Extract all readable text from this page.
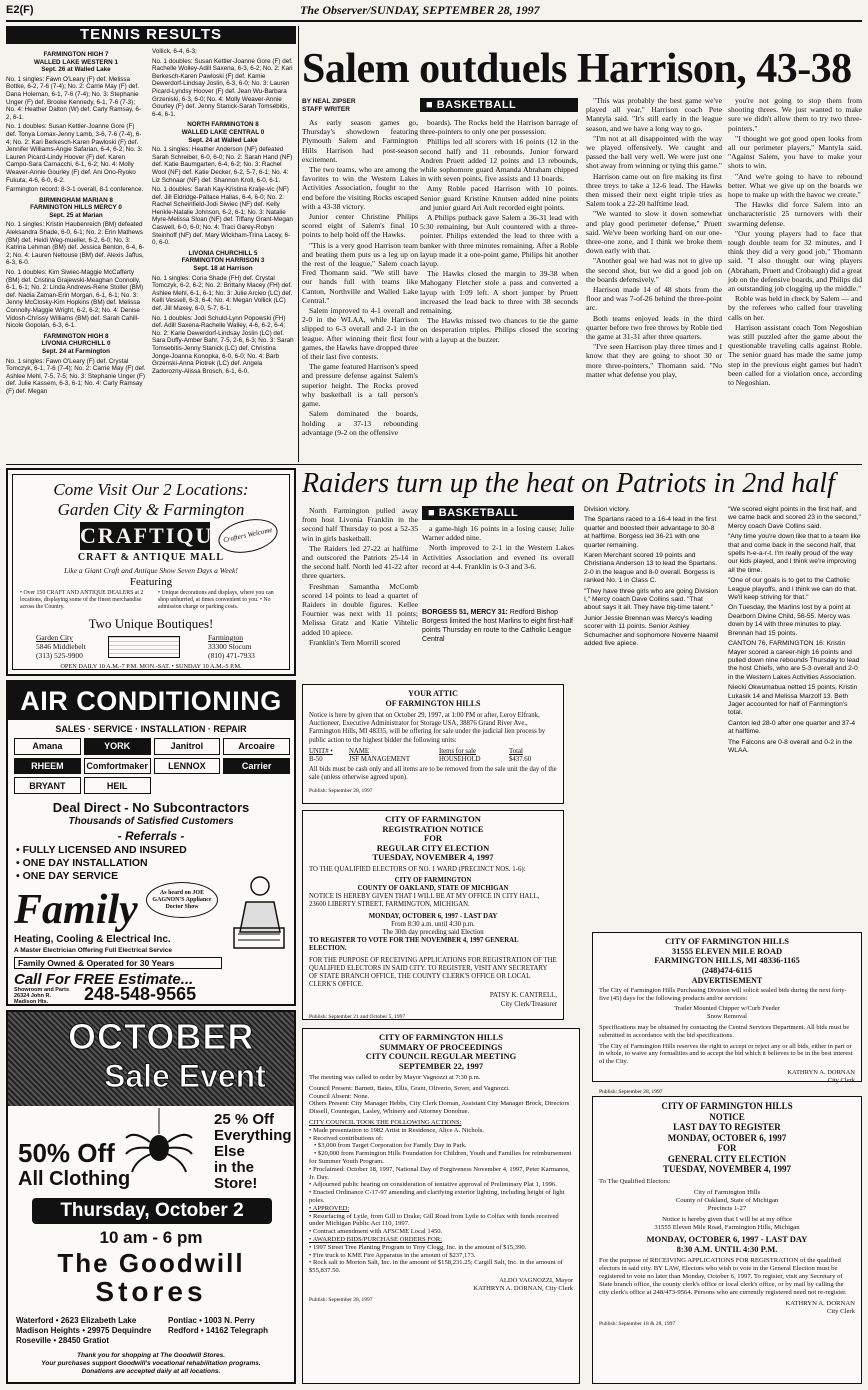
E2(F)	The Observer/SUNDAY, SEPTEMBER 28, 1997
TENNIS RESULTS

FARMINGTON HIGH 7
WALLED LAKE WESTERN 1
Sept. 26 at Walled Lake

No. 1 singles: Fawn O'Leary (F) def. Melissa Bottke, 6-2, 7-6 (7-4); No. 2: Carrie May (F) def. Dana Holeman, 6-1, 7-6 (7-4); No. 3: Stephanie Unger (F) def. Brooke Kennedy, 6-1, 7-6 (7-3); No. 4: Heather Dalton (W) def. Carly Ramsay, 6-2, 6-1.

No. 1 doubles: Susan Kettler-Joanne Gore (F) def. Tonya Lomax-Jenny Lamb, 3-6, 7-6 (7-4), 6-4; No. 2: Kari Berkesch-Karen Pawloski (F) def. Jennifer Williams-Angie Safarian, 6-4, 6-2; No. 3: Lauren Picard-Lindy Hoover (F) def. Karen Campo-Sara Carnacchi, 6-1, 6-2; No. 4: Molly Weaver-Annie Gourley (F) def. Ani Ono-Ryoko Fukuta, 4-6, 6-0, 6-2.

Farmington record: 8-3-1 overall, 8-1 conference.

BIRMINGHAM MARIAN 8
FARMINGTON HILLS MERCY 0
Sept. 25 at Marian

No. 1 singles: Kristin Haubenreich (BM) defeated Aleksandra Shade, 6-0, 6-1; No. 2: Erin Mathews (BM) def. Heidi Weg-mueller, 6-2, 6-0; No. 3: Katrina Lehman (BM) def. Jessica Benton, 6-4, 6-2; No. 4: Lauren Neltouse (BM) def. Alexis Jaffus, 6-3, 6-0.

No. 1 doubles: Kim Siwiec-Maggie McCafferty (BM) def. Cristina Grajewski-Meaghan Connolly, 6-1, 6-1; No. 2: Linda Andrews-Rene Stoller (BM) def. Nadia Zaman-Erin Morgan, 6-1, 6-1; No. 3: Jenny McClosky-Kim Hopkins (BM) def. Melissa Connolly-Maggie Wright, 6-2, 6-2; No. 4: Denise Vidosh-Chrissy Williams (BM) def. Sarah Cahill-Nicole Gopolan, 6-3, 6-1.

FARMINGTON HIGH 8
LIVONIA CHURCHILL 0
Sept. 24 at Farmington

No. 1 singles: Fawn O'Leary (F) def. Crystal Tomczyk, 6-1, 7-6 (7-4); No. 2: Carrie May (F) def. Ashlee Mehl, 7-5, 7-5; No. 3: Stephanie Unger (F) def. Julie Kassem, 6-3, 6-1; No. 4: Carly Ramsay (F) def. Megan

Vollick, 6-4, 6-3;

No. 1 doubles: Susan Kettler-Joanne Gore (F) def. Rachelle Wolley-Adill Saxena, 6-3, 6-2; No. 2: Kari Berkesch-Karen Pawloski (F) def. Kamie Dewerdorf-Lindsay Joslin, 6-3, 6-0; No. 3: Lauren Picard-Lyndsy Hoover (F) def. Jean Wu-Barbara Grzeniski, 6-3, 6-0; No. 4: Molly Weaver-Annie Gourley (F) def. Jenny Stanick-Sarah Tomsebitis, 6-4, 6-1.

NORTH FARMINGTON 8
WALLED LAKE CENTRAL 0
Sept. 24 at Walled Lake

No. 1 singles: Heather Anderson (NF) defeated Sarah Schreiber, 6-0, 6-0; No. 2: Sarah Hand (NF) def. Katie Baumgarten, 6-4, 6-2; No. 3: Rachel Wool (NF) def. Katie Decker, 6-2, 5-7, 6-1; No. 4: Liz Schnaar (NF) def. Shannon Kroll, 6-0, 6-1.

No. 1 doubles: Sarah Kay-Kristina Kralje-vic (NF) def. Jill Eldridge-Pallace Hallas, 6-4, 6-0; No. 2: Rachel Scheinfield-Jodi Siwiec (NF) def. Kelly Henkle-Natalie Johnson, 6-2, 6-1; No. 3: Natalie Myre-Melissa Sloan (NF) def. Tiffany Grant-Megan Caswell, 6-0, 6-0; No. 4: Traci Garey-Robyn Steinhoff (NF) def. Mary Wickham-Trina Lacey, 6-0, 6-0.

LIVONIA CHURCHILL 5
FARMINGTON HARRISON 3
Sept. 18 at Harrison

No. 1 singles: Coria Shade (FH) def. Crystal Tomczyk, 6-2, 6-2; No. 2: Brittany Macey (FH) def. Ashlee Mehl, 6-1, 6-1; No. 3: Julie Arcieo (LC) def. Kelli Vessell, 6-3, 6-4; No. 4: Megan Vollick (LC) def. Jill Maxey, 6-0, 5-7, 6-1.

No. 1 doubles: Jodi Schuld-Lynn Popowski (FH) def. Adill Saxena-Rachelle Walley, 4-6, 6-2, 6-4; No. 2: Karie Dewerdorf-Lindsay Joslin (LC) def. Sara Duffy-Amber Bahr, 7-5, 2-6, 6-3; No. 3: Sarah Tomsebitis-Jenny Stanick (LC) def. Christina Jonge-Joanna Konopka, 6-0, 6-0; No. 4: Barb Grzenski-Anna Piotrek (LC) def. Angela Zadorozny-Alissa Brosch, 6-1, 6-0.

Salem outduels Harrison, 43-38
BY NEAL ZIPSER
STAFF WRITER	■ BASKETBALL

As early season games go, Thursday's showdown featuring Plymouth Salem and Farmington Hills Harrison had post-season excitement.

The two teams, who are among the favorites to win the Western Lakes Activities Association, fought to the end before the visiting Rocks escaped with a 43-38 victory.

Junior center Christine Philips scored eight of Salem's final 10 points to help hold off the Hawks.

"This is a very good Harrison team and beating them puts us a leg up on the rest of the league," Salem coach Fred Thomann said. "We still have our hands full with teams like Canton, Northville and Walled Lake Central."

Salem improved to 4-1 overall and 2-0 in the WLAA, while Harrison slipped to 6-3 overall and 2-1 in the league. After winning their first four games, the Hawks have dropped three of their last five contests.

The game featured Harrison's speed and pressure defense against Salem's superior height. The Rocks proved why basketball is a tall person's game.

Salem dominated the boards, holding a 37-13 rebounding advantage (9-2 on the offensive

boards). The Rocks held the Harrison barrage of three-pointers to only one per possession.

Phillips led all scorers with 16 points (12 in the second half) and 11 rebounds. Junior forward Andren Pruett added 12 points and 13 rebounds, while sophomore guard Amanda Abraham chipped in with seven points, five assists and 11 boards.

Amy Roble paced Harrison with 10 points. Senior guard Kristine Knutsen added nine points and junior guard Ari Ault recorded eight points.

A Philips putback gave Salem a 36-31 lead with 5:30 remaining, but Ault countered with a three-pointer. Philips extended the lead to three with a banker with three minutes remaining. After a Roble layup made it a one-point game, Philips hit another layup.

The Hawks closed the margin to 39-38 when Mahogany Fletcher stole a pass and converted a layup with 1:09 left. A short jumper by Pruett increased the lead back to three with 38 seconds remaining.

The Hawks missed two chances to tie the game on desperation triples. Philips closed the scoring with a layup at the buzzer.

"This was probably the best game we've played all year," Harrison coach Pete Mantyla said. "It's still early in the league season, and we have a long way to go.

"I'm not at all disappointed with the way we played offensively. We caught and passed the ball very well. We were just one shot away from winning or tying this game."

Harrison came out on fire making its first three treys to take a 12-6 lead. The Hawks then missed their next eight triple tries as Salem took a 22-20 halftime lead.

"We wanted to slow it down somewhat and play good perimeter defense," Pruett said. We've been working hard on our one-three-one zone, and I think we broke them down early with that.

"Another goal we had was not to give up the second shot, but we did a good job on the boards defensively."

Harrison made 14 of 48 shots from the floor and was 7-of-26 behind the three-point arc.

Both teams enjoyed leads in the third quarter before two free throws by Roble tied the game at 31-31 after three quarters.

"I've seen Harrison play three times and I know that they are going to shoot 30 or more three-pointers," Thomann said. "No matter what defense you play,

you're not going to stop them from shooting threes. We just wanted to make sure we didn't allow them to try two three-pointers."

"I thought we got good open looks from all our perimeter players," Mantyla said. "Against Salem, you have to make your shots to win.

"And we're going to have to rebound better. What we give up on the boards we hope to make up with the havoc we create."

The Hawks did force Salem into an uncharacteristic 25 turnovers with their swarming defense.

"Our young players had to face that tough double team for 32 minutes, and I think they did a very good job," Thomann said. "I also thought our wing players (Abraham, Pruett and Crobaugh) did a great job on the defensive boards, and Philips did an outstanding job clogging up the middle."

Roble was held in check by Salem — and by the referees who called four traveling calls on her.

Harrison assistant coach Tom Negoshian was still puzzled after the game about the questionable traveling calls against Roble. The senior guard has made the same jump step in the previous eight games but hadn't been called for a violation once, according to Negoshian.

Raiders turn up the heat on Patriots in 2nd half

North Farmington pulled away from host Livonia Franklin in the second half Thursday to post a 52-35 win in girls basketball.

The Raiders led 27-22 at halftime and outscored the Patriots 25-14 in the second half. North led 41-22 after three quarters.

Freshman Samantha McComb scored 14 points to lead a quartet of Raiders in double figures. Kellee Fournier was next with 11 points; Melissa Gratz and Katie Vihtelic added 10 apiece.

Franklin's Tern Morrill scored

■ BASKETBALL

a game-high 16 points in a losing cause; Julie Warner added nine.

North improved to 2-1 in the Western Lakes Activities Association and evened its overall record at 4-4. Franklin is 0-3 and 3-6.

BORGESS 51, MERCY 31: Redford Bishop Borgess limited the host Marlins to eight first-half points Thursday en route to the Catholic League Central

Division victory.

The Spartans raced to a 16-4 lead in the first quarter and boosted their advantage to 30-8 at halftime. Borgess led 36-21 with one quarter remaining.

Karen Merchant scored 19 points and Christiana Anderson 13 to lead the Spartans. 2-0 in the league and 8-0 overall. Borgess is ranked No. 1 in Class C.

"They have three girls who are going Division I," Mercy coach Dave Collins said. "That about says it all. They have big-time talent."

Junior Jessie Brennan was Mercy's leading scorer with 11 points. Senior Ashley Schumacher and sophomore Noverre Naamil added five apiece.

"We scored eight points in the first half, and we came back and scored 23 in the second," Mercy coach Dave Collins said.

"Any time you're down like that to a team like that and come back in the second half, that spells h-e-a-r-t. I'm really proud of the way our kids played, and I think we're improving all the time.

"One of our goals is to get to the Catholic League playoffs, and I think we can do that. We'll keep striving for that."

On Tuesday, the Marlins lost by a point at Dearborn Divine Child, 56-55. Mercy was down by 14 with three minutes to play. Brennan had 15 points.

CANTON 76, FARMINGTON 16: Kristin Mayer scored a career-high 16 points and pulled down nine rebounds Thursday to lead the host Chiefs, who are 5-3 overall and 2-0 in the Western Lakes Activities Association.

Niecki Okwumabua netted 15 points, Kristin Lukasik 14 and Melissa Marzolf 13. Beth Jager accounted for half of Farmington's total.

Canton led 28-0 after one quarter and 37-4 at halftime.

The Falcons are 0-8 overall and 0-2 in the WLAA.

Come Visit Our 2 Locations:
Garden City & Farmington
CRAFTIQUE
Crafters Welcome
CRAFT & ANTIQUE MALL
Like a Giant Craft and Antique Show Seven Days a Week!
Featuring
• Over 150 CRAFT AND ANTIQUE DEALERS at 2 locations, displaying some of the finest merchandise across the Country.
• Unique decorations and displays, where you can shop unhurried, at times convenient to you. • No admission charge or parking costs.
Two Unique Boutiques!
Garden City
5846 Middlebelt
(313) 525-9900
Farmington
33300 Slocum
(810) 471-7933
OPEN DAILY 10 A.M.-7 P.M. MON.-SAT. • SUNDAY 10 A.M.-5 P.M.
AIR CONDITIONING
SALES · SERVICE · INSTALLATION · REPAIR
Amana	YORK	Janitrol	Arcoaire
RHEEM	Comfortmaker	LENNOX	Carrier
BRYANT	HEIL
Deal Direct - No Subcontractors
Thousands of Satisfied Customers
- Referrals -
• FULLY LICENSED AND INSURED
• ONE DAY INSTALLATION
• ONE DAY SERVICE
Family	As heard on JOE GAGNON'S Appliance Doctor Show
Heating, Cooling & Electrical Inc.
A Master Electrician Offering Full Electrical Service
Family Owned & Operated for 30 Years
Call For FREE Estimate...
Showroom and Parts
26324 John R.
Madison Hts.	248-548-9565
OCTOBER
Sale Event
50% Off
All Clothing
25 % Off
Everything
Else
in the
Store!
Thursday, October 2
10 am - 6 pm
The Goodwill
Stores
Waterford • 2623 Elizabeth Lake
Madison Heights • 29975 Dequindre
Roseville • 28450 Gratiot
Pontiac • 1003 N. Perry
Redford • 14162 Telegraph
Thank you for shopping at The Goodwill Stores.
Your purchases support Goodwill's vocational rehabilitation programs.
Donations are accepted daily at all locations.
YOUR ATTIC
OF FARMINGTON HILLS

Notice is here by given that on October 29, 1997, at 1:00 PM or after, Leroy Elfrank, Auctioneer, Executive Administrator for Storage USA, 38876 Grand River Ave., Farmington Hills, MI 48335, will be offering for sale under the judicial lien process by public action to the highest bidder the following units:

UNIT# •	NAME	Items for sale	Total
B-50	JSF MANAGEMENT	HOUSEHOLD	$437.60

All bids must be cash only and all items are to be removed from the sale unit the day of the sale (unless otherwise agreed upon).

Publish: September 28, 1997
CITY OF FARMINGTON
REGISTRATION NOTICE
FOR
REGULAR CITY ELECTION
TUESDAY, NOVEMBER 4, 1997

TO THE QUALIFIED ELECTORS OF NO. 1 WARD (PRECINCT NOS. 1-6):

CITY OF FARMINGTON
COUNTY OF OAKLAND, STATE OF MICHIGAN

NOTICE IS HEREBY GIVEN THAT I WILL BE AT MY OFFICE IN CITY HALL, 23600 LIBERTY STREET, FARMINGTON, MICHIGAN.

MONDAY, OCTOBER 6, 1997 - LAST DAY
From 8:30 a.m. until 4:30 p.m.
The 30th day preceding said Election

TO REGISTER TO VOTE FOR THE NOVEMBER 4, 1997 GENERAL ELECTION.

FOR THE PURPOSE OF RECEIVING APPLICATIONS FOR REGISTRATION OF THE QUALIFIED ELECTORS IN SAID CITY. TO REGISTER, VISIT ANY SECRETARY OF STATE BRANCH OFFICE, THE COUNTY CLERK'S OFFICE OR LOCAL CLERK'S OFFICE.

PATSY K. CANTRELL,
City Clerk/Treasurer
Publish: September 21 and October 5, 1997
CITY OF FARMINGTON HILLS
SUMMARY OF PROCEEDINGS
CITY COUNCIL REGULAR MEETING
SEPTEMBER 22, 1997

The meeting was called to order by Mayor Vagnozzi at 7:30 p.m.

Council Present: Barnett, Bates, Ellis, Grant, Oliverio, Sover, and Vagnozzi.

Council Absent: None.

Others Present: City Manager Hebbs, City Clerk Dornan, Assistant City Manager Brock, Directors Dissell, Countegan, Lasley, Whinery and Attorney Donohue.

CITY COUNCIL TOOK THE FOLLOWING ACTIONS:

• Made presentation to 1982 Artist in Residence, Alice A. Nichols.
• Received contributions of:
• $3,000 from Target Corporation for Family Day in Park.
• $20,000 from Farmington Hills Foundation for Children, Youth and Families for reimbursement for Summer Youth Program.
• Proclaimed: October 18, 1997, National Day of Forgiveness November 4, 1997, Peter Karmanos, Jr. Day.
• Adjourned public hearing on consideration of tentative approval of Preliminary Plat 1, 1996.
• Enacted Ordinance C-17-97 amending and clarifying exterior lighting, including height of light poles.
• APPROVED:
• Resurfacing of Lytle, from Gill to Drake; Gill Road from Lytle to Colfax with funds received under Michigan Public Act 110, 1997.
• Contract amendment with AFSCME Local 1450.
• AWARDED BIDS/PURCHASE ORDERS FOR:
• 1997 Street Tree Planting Program to Troy Clogg, Inc. in the amount of $15,390.
• Fire truck to KME Fire Apparatus in the amount of $237,173.
• Rock salt to Morton Salt, Inc. in the amount of $158,231.25; Cargill Salt, Inc. in the amount of $55,837.50.
ALDO VAGNOZZI, Mayor
KATHRYN A. DORNAN, City Clerk
Publish: September 28, 1997
CITY OF FARMINGTON HILLS
31555 ELEVEN MILE ROAD
FARMINGTON HILLS, MI 48336-1165
(248)474-6115
ADVERTISEMENT

The City of Farmington Hills Purchasing Division will solicit sealed bids during the next forty-five (45) days for the following products and/or services:

Trailer Mounted Chipper w/Curb Feeder
Snow Removal

Specifications may be obtained by contacting the Central Services Department. All bids must be submitted in accordance with the bid specifications.

The City of Farmington Hills reserves the right to accept or reject any or all bids, either in part or in whole, to waive any formalities and to accept the bid which it believes to be in the best interest of the City.

KATHRYN A. DORNAN
City Clerk
Publish: September 28, 1997
CITY OF FARMINGTON HILLS
NOTICE
LAST DAY TO REGISTER
MONDAY, OCTOBER 6, 1997
FOR
GENERAL CITY ELECTION
TUESDAY, NOVEMBER 4, 1997

To The Qualified Electors:

City of Farmington Hills
County of Oakland, State of Michigan
Precincts 1-27
Notice is hereby given that I will be at my office
31555 Eleven Mile Road, Farmington Hills, Michigan
MONDAY, OCTOBER 6, 1997 - LAST DAY
8:30 A.M. UNTIL 4:30 P.M.

For the purpose of RECEIVING APPLICATIONS FOR REGISTRATION of the qualified electors in said city. BY LAW, Electors who wish to vote in the General Election must be registered to vote no later than Monday, October 6, 1997. To register, visit any Secretary of State branch office, the county clerk's office or local clerk's office, or by mail by calling the city clerk's office at 248/473-9564. Persons who are currently registered need not re-register.

KATHRYN A. DORNAN
City Clerk
Publish: September 18 & 28, 1997
